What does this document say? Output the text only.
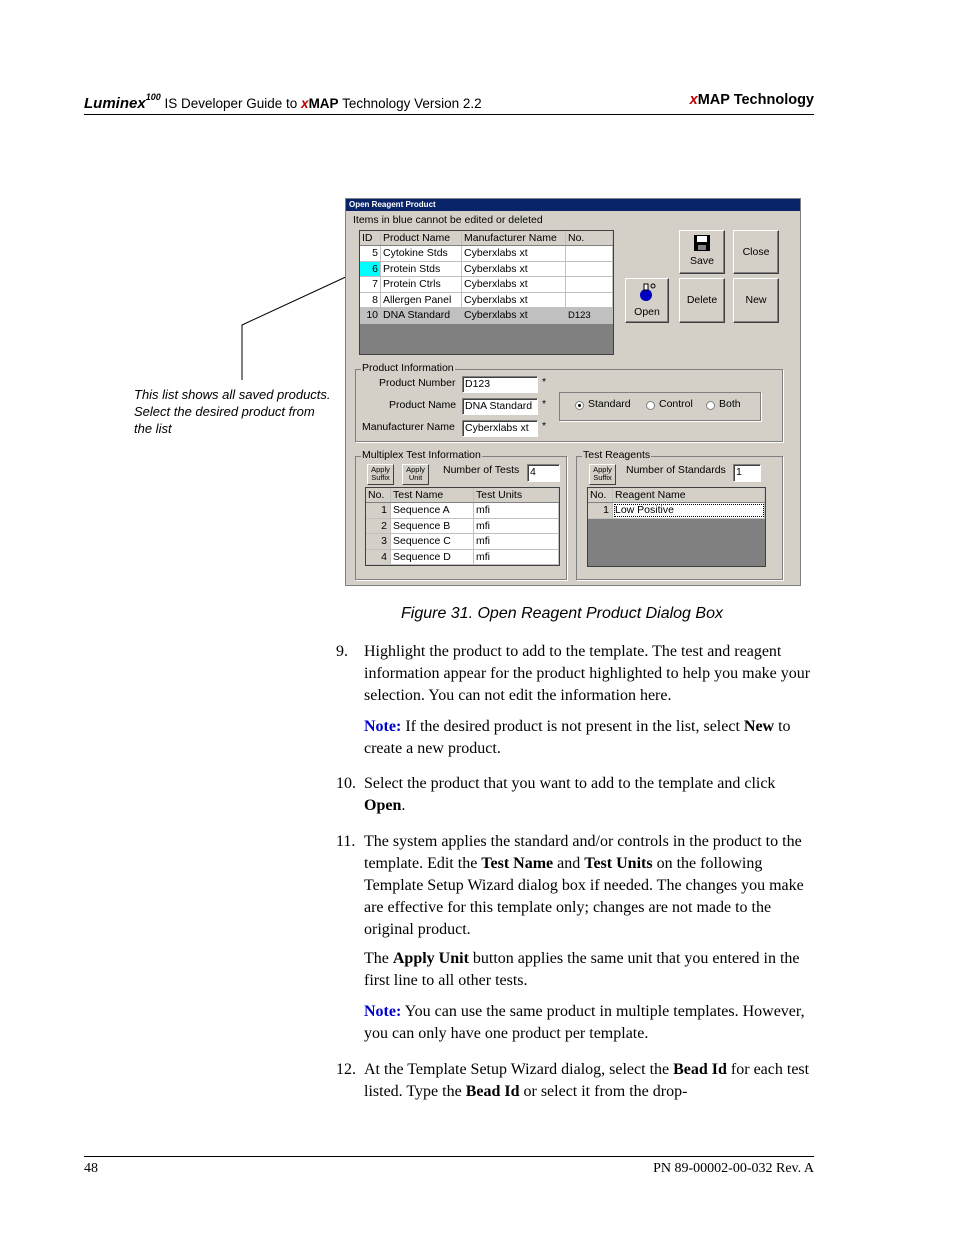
Luminex$^{100}$ IS Developer Guide to xMAP Technology Version 2.2	xMAP Technology
This list shows all saved products. Select the desired product from the list
Open Reagent Product
Items in blue cannot be edited or deleted
ID	Product Name	Manufacturer Name	No.
5 Cytokine Stds	Cyberxlabs xt
6 Protein Stds	Cyberxlabs xt
7 Protein Ctrls	Cyberxlabs xt
8 Allergen Panel	Cyberxlabs xt
10 DNA Standard	Cyberxlabs xt	D123
Save
Close
Open
Delete	New
Product Information
Product Number D123	*
Product Name DNA Standard *
Manufacturer Name Cyberxlabs xt	*
Standard	Control Both
Multiplex Test Information
Apply
Suffix
Apply
Unit
Number of Tests 4
No. Test Name	Test Units
1 Sequence A	mfi
2 Sequence B	mfi
3 Sequence C	mfi
4 Sequence D	mfi
Test Reagents
Apply
Suffix
Number of Standards 1
No. Reagent Name
1 Low Positive
Figure 31. Open Reagent Product Dialog Box
9. Highlight the product to add to the template. The test and reagent information appear for the product highlighted to help you make your selection. You can not edit the information here.
Note: If the desired product is not present in the list, select New to create a new product.
10. Select the product that you want to add to the template and click Open.
11. The system applies the standard and/or controls in the product to the template. Edit the Test Name and Test Units on the following Template Setup Wizard dialog box if needed. The changes you make are effective for this template only; changes are not made to the original product.
The Apply Unit button applies the same unit that you entered in the first line to all other tests.
Note: You can use the same product in multiple templates. However, you can only have one product per template.
12. At the Template Setup Wizard dialog, select the Bead Id for each test listed. Type the Bead Id or select it from the drop-
48	PN 89-00002-00-032 Rev. A
